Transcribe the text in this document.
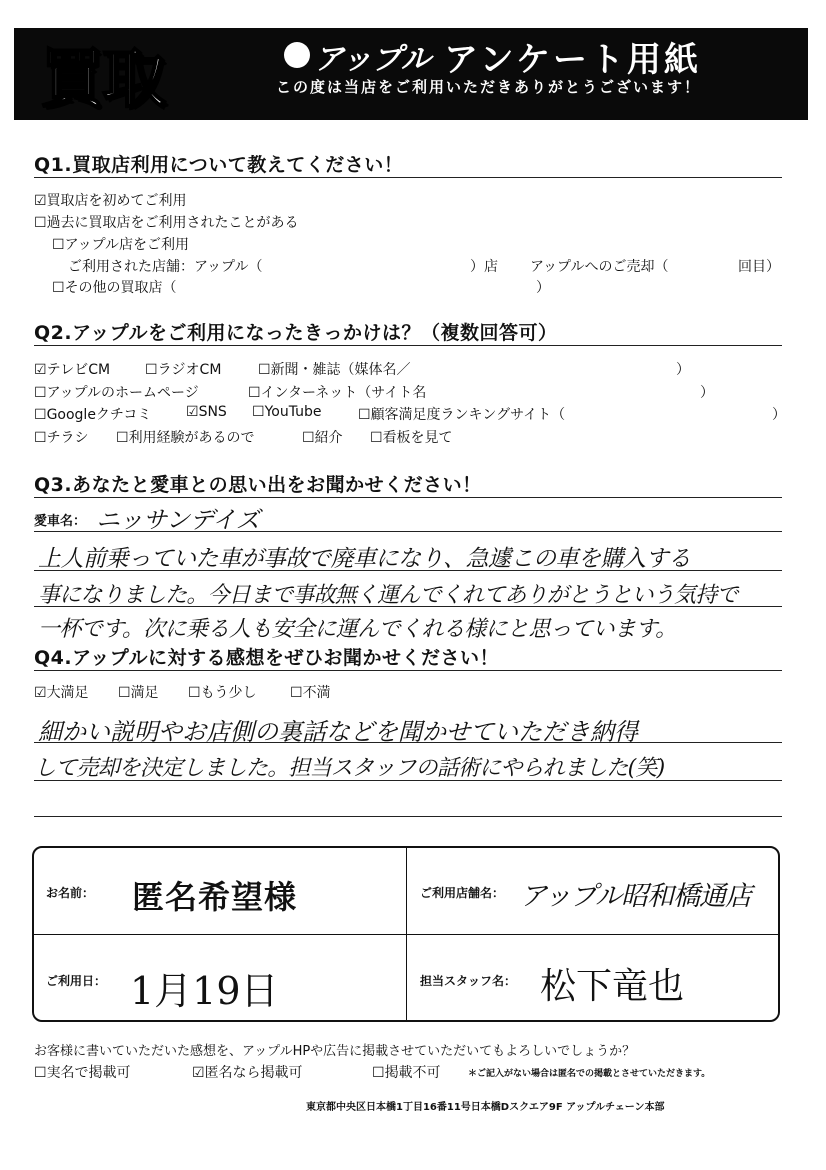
買取	アップル アンケート用紙
この度は当店をご利用いただきありがとうございます！
Q1.買取店利用について教えてください！
☑買取店を初めてご利用
☐過去に買取店をご利用されたことがある
☐アップル店をご利用
ご利用された店舗：アップル（	）店 アップルへのご売却（	回目）
☐その他の買取店（	）
Q2.アップルをご利用になったきっかけは？（複数回答可）
☑テレビCM ☐ラジオCM	☐新聞・雑誌（媒体名／	）
☐アップルのホームページ	☐インターネット（サイト名	）
☐Googleクチコミ ☑SNS ☐YouTube	☐顧客満足度ランキングサイト（	）
☐チラシ ☐利用経験があるので	☐紹介 ☐看板を見て
Q3.あなたと愛車との思い出をお聞かせください！
愛車名： ニッサンデイズ
上人前乗っていた車が事故で廃車になり、急遽この車を購入する
事になりました。今日まで事故無く運んでくれてありがとうという気持で
一杯です。次に乗る人も安全に運んでくれる様にと思っています。
Q4.アップルに対する感想をぜひお聞かせください！
☑大満足 ☐満足 ☐もう少し ☐不満
細かい説明やお店側の裏話などを聞かせていただき納得
して売却を決定しました。担当スタッフの話術にやられました(笑)
お名前： 匿名希望様	ご利用店舗名： アップル昭和橋通店
ご利用日： 1月19日	担当スタッフ名： 松下竜也
お客様に書いていただいた感想を、アップルHPや広告に掲載させていただいてもよろしいでしょうか？
☐実名で掲載可	☑匿名なら掲載可	☐掲載不可	＊ご記入がない場合は匿名での掲載とさせていただきます。
東京都中央区日本橋1丁目16番11号日本橋Dスクエア9F アップルチェーン本部
